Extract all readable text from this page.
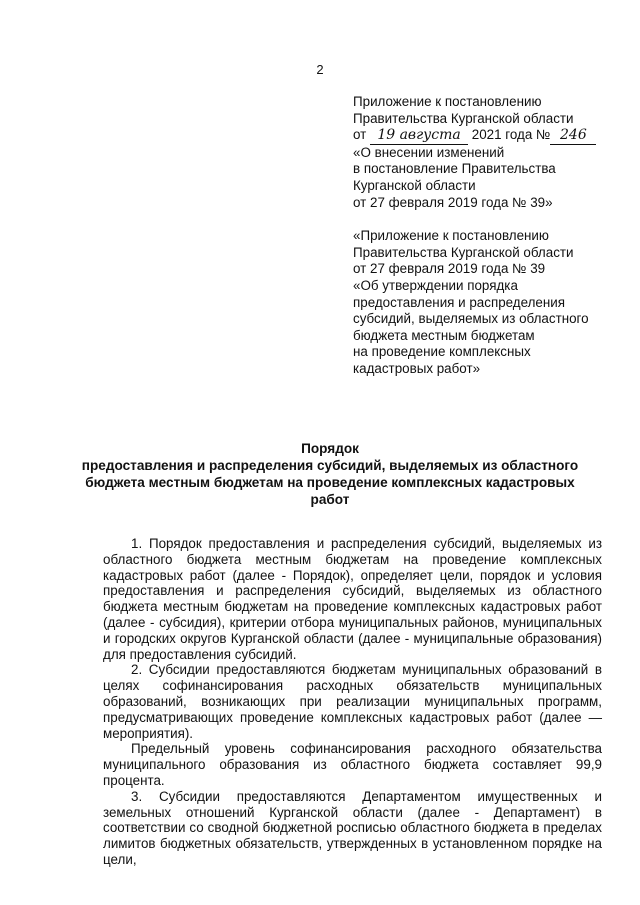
2
Приложение к постановлению
Правительства Курганской области
от 19 августа 2021 года № 246
«О внесении изменений
в постановление Правительства
Курганской области
от 27 февраля 2019 года № 39»
«Приложение к постановлению
Правительства Курганской области
от 27 февраля 2019 года № 39
«Об утверждении порядка
предоставления и распределения
субсидий, выделяемых из областного
бюджета местным бюджетам
на проведение комплексных
кадастровых работ»
Порядок
предоставления и распределения субсидий, выделяемых из областного
бюджета местным бюджетам на проведение комплексных кадастровых
работ

1. Порядок предоставления и распределения субсидий, выделяемых из областного бюджета местным бюджетам на проведение комплексных кадастровых работ (далее - Порядок), определяет цели, порядок и условия предоставления и распределения субсидий, выделяемых из областного бюджета местным бюджетам на проведение комплексных кадастровых работ (далее - субсидия), критерии отбора муниципальных районов, муниципальных и городских округов Курганской области (далее - муниципальные образования) для предоставления субсидий.

2. Субсидии предоставляются бюджетам муниципальных образований в целях софинансирования расходных обязательств муниципальных образований, возникающих при реализации муниципальных программ, предусматривающих проведение комплексных кадастровых работ (далее — мероприятия).

Предельный уровень софинансирования расходного обязательства муниципального образования из областного бюджета составляет 99,9 процента.

3. Субсидии предоставляются Департаментом имущественных и земельных отношений Курганской области (далее - Департамент) в соответствии со сводной бюджетной росписью областного бюджета в пределах лимитов бюджетных обязательств, утвержденных в установленном порядке на цели,
